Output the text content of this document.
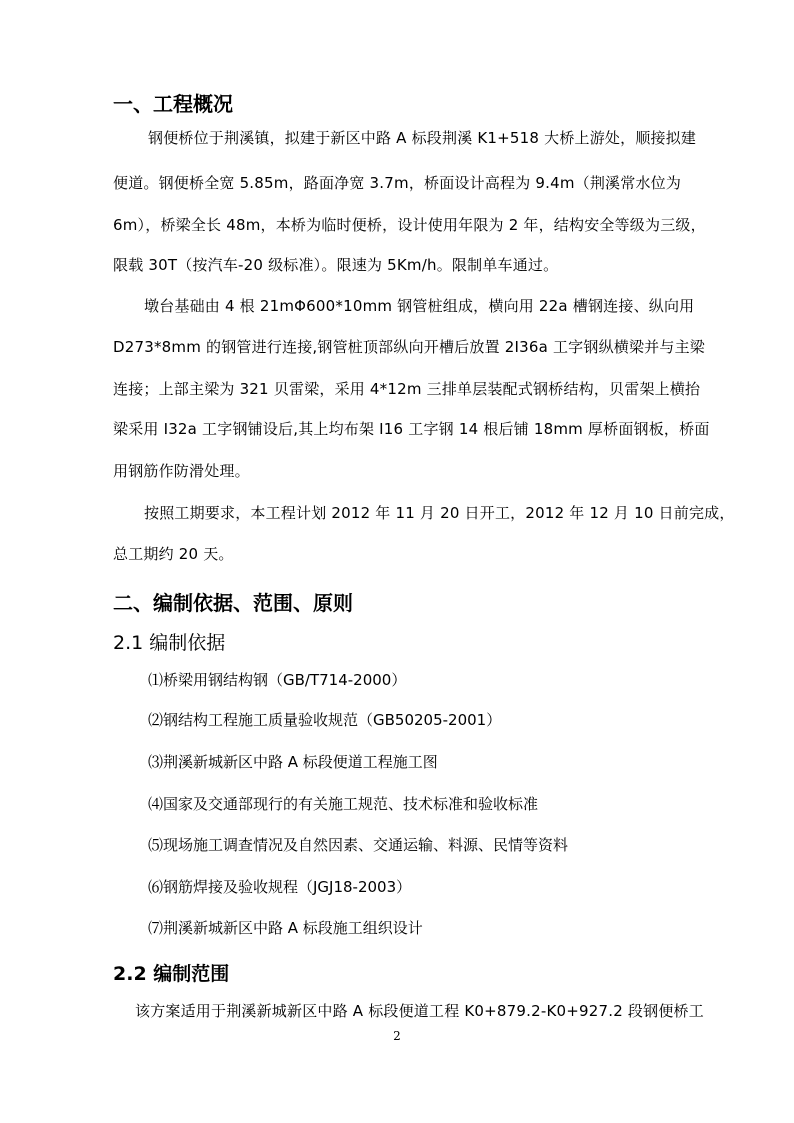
一、工程概况
钢便桥位于荆溪镇，拟建于新区中路 A 标段荆溪 K1+518 大桥上游处，顺接拟建
便道。钢便桥全宽 5.85m，路面净宽 3.7m，桥面设计高程为 9.4m（荆溪常水位为
6m），桥梁全长 48m，本桥为临时便桥，设计使用年限为 2 年，结构安全等级为三级，
限载 30T（按汽车-20 级标准）。限速为 5Km/h。限制单车通过。
墩台基础由 4 根 21mΦ600*10mm 钢管桩组成，横向用 22a 槽钢连接、纵向用
D273*8mm 的钢管进行连接,钢管桩顶部纵向开槽后放置 2I36a 工字钢纵横梁并与主梁
连接；上部主梁为 321 贝雷梁，采用 4*12m 三排单层装配式钢桥结构，贝雷架上横抬
梁采用 I32a 工字钢铺设后,其上均布架 I16 工字钢 14 根后铺 18mm 厚桥面钢板，桥面
用钢筋作防滑处理。
按照工期要求，本工程计划 2012 年 11 月 20 日开工，2012 年 12 月 10 日前完成，
总工期约 20 天。
二、编制依据、范围、原则
2.1 编制依据
⑴桥梁用钢结构钢（GB/T714-2000）
⑵钢结构工程施工质量验收规范（GB50205-2001）
⑶荆溪新城新区中路 A 标段便道工程施工图
⑷国家及交通部现行的有关施工规范、技术标准和验收标准
⑸现场施工调查情况及自然因素、交通运输、料源、民情等资料
⑹钢筋焊接及验收规程（JGJ18-2003）
⑺荆溪新城新区中路 A 标段施工组织设计
2.2 编制范围
该方案适用于荆溪新城新区中路 A 标段便道工程 K0+879.2-K0+927.2 段钢便桥工
2
